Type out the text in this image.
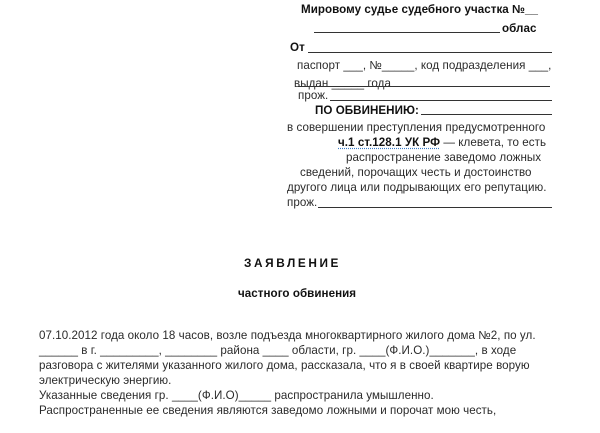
Мировому судье судебного участка №__
облас
От
паспорт ___, №_____, код подразделения ___,
выдан _____ года
прож.
ПО ОБВИНЕНИЮ:
в совершении преступления предусмотренного
ч.1 ст.128.1 УК РФ — клевета, то есть
распространение заведомо ложных
сведений, порочащих честь и достоинство
другого лица или подрывающих его репутацию.
прож.
ЗАЯВЛЕНИЕ
частного обвинения
07.10.2012 года около 18 часов, возле подъезда многоквартирного жилого дома №2, по ул.
______ в г. _________, ________ района ____ области, гр. ____(Ф.И.О.)_______, в ходе
разговора с жителями указанного жилого дома, рассказала, что я в своей квартире ворую
электрическую энергию.
Указанные сведения гр. ____(Ф.И.О)_____ распространила умышленно.
Распространенные ее сведения являются заведомо ложными и порочат мою честь,
